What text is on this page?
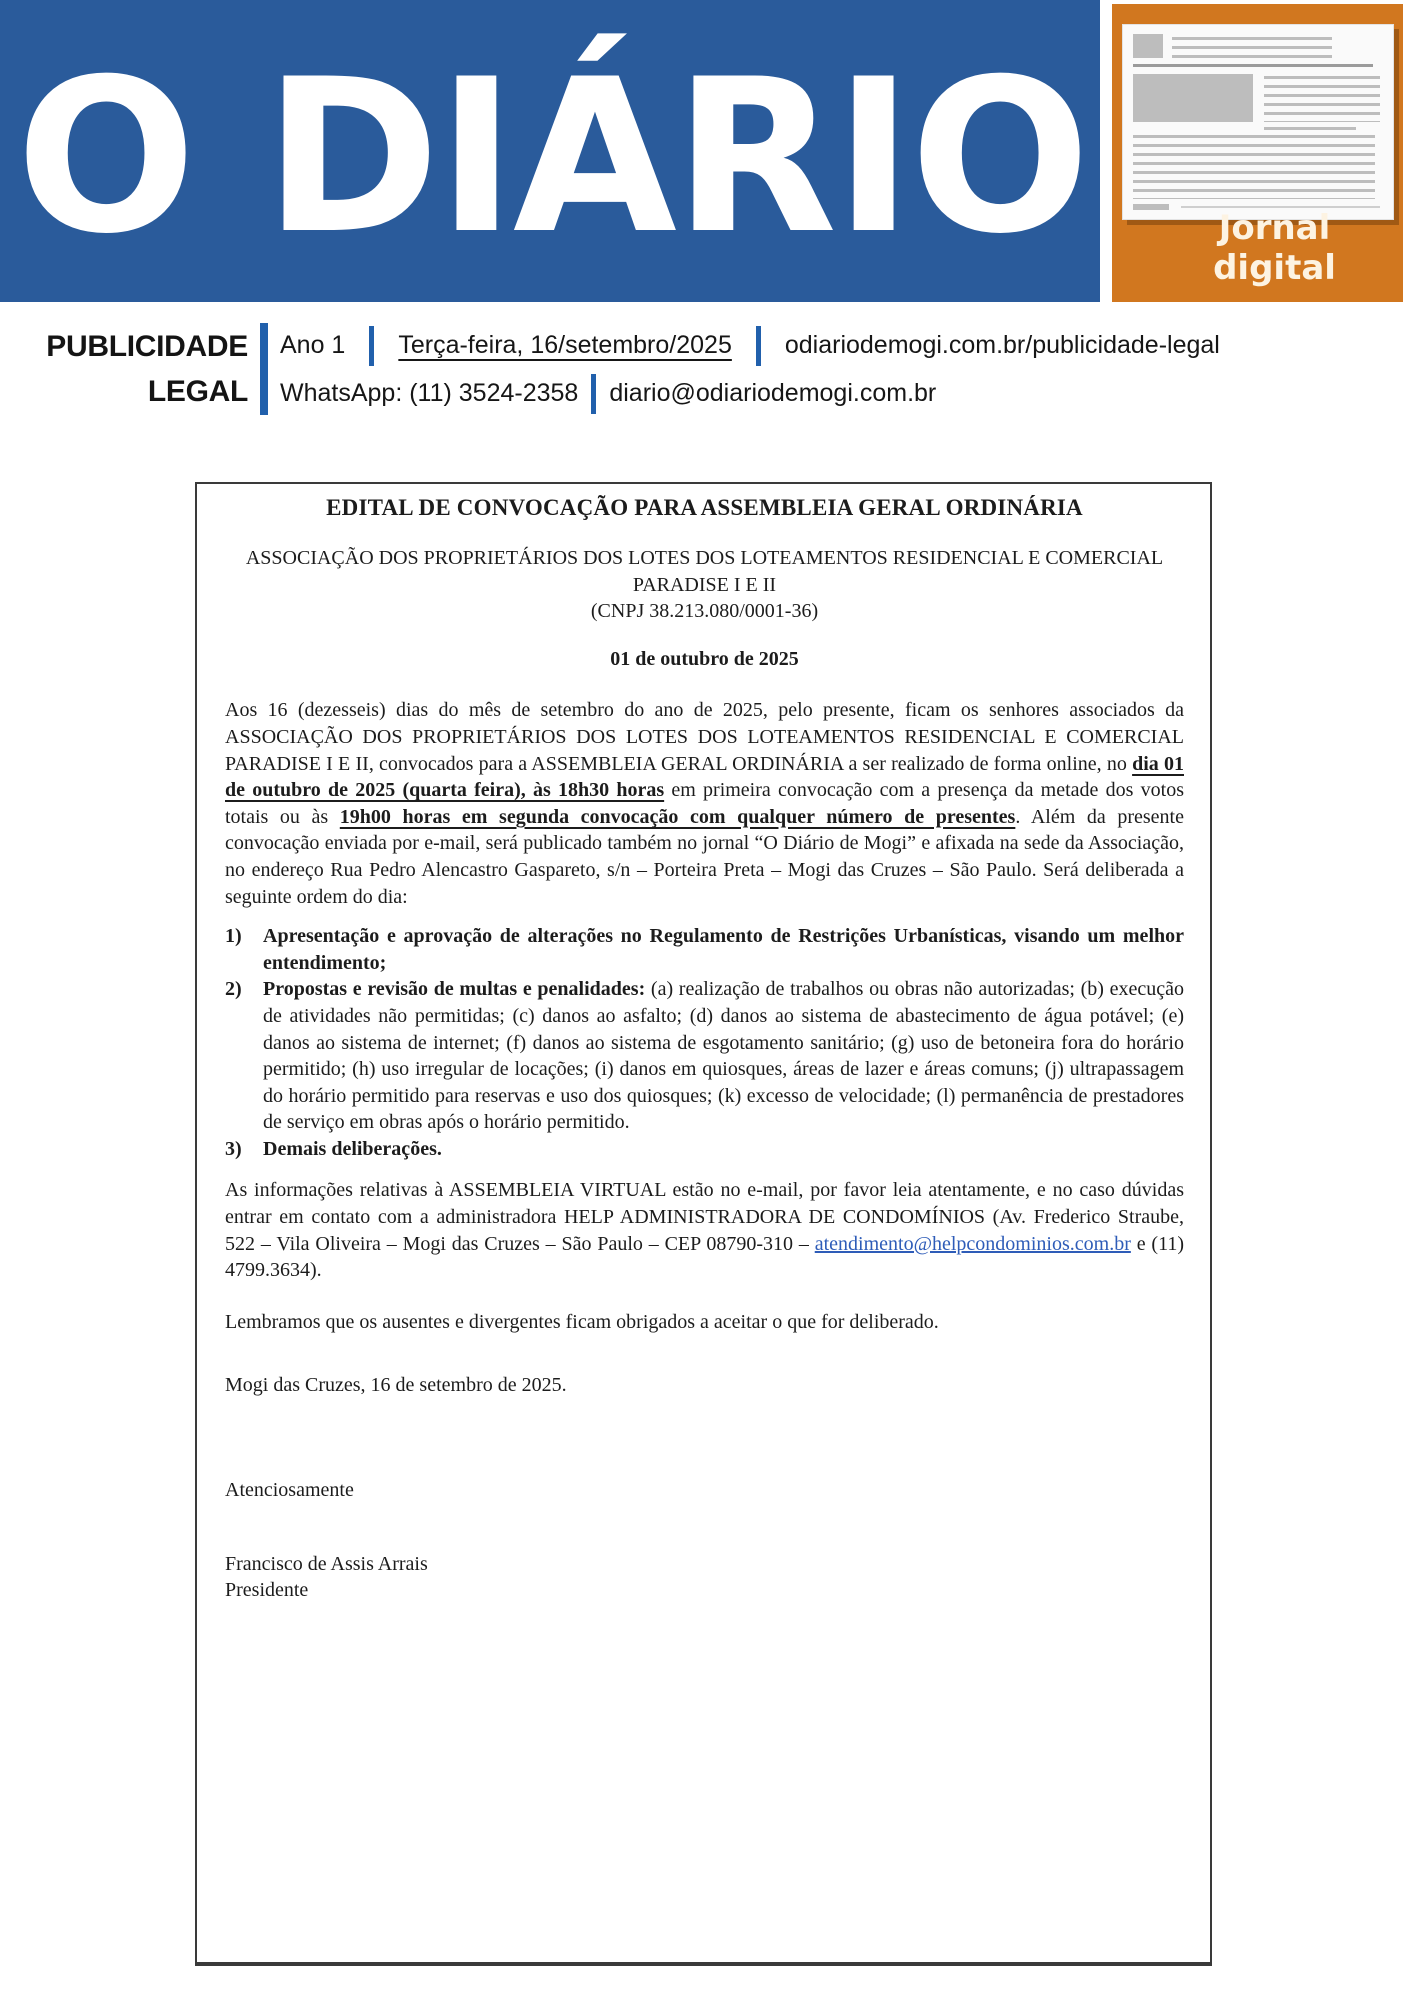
O DIÁRIO	Jornal digital
PUBLICIDADE
LEGAL
Ano 1 Terça-feira, 16/setembro/2025 odiariodemogi.com.br/publicidade-legal
WhatsApp: (11) 3524-2358 diario@odiariodemogi.com.br
EDITAL DE CONVOCAÇÃO PARA ASSEMBLEIA GERAL ORDINÁRIA

ASSOCIAÇÃO DOS PROPRIETÁRIOS DOS LOTES DOS LOTEAMENTOS RESIDENCIAL E COMERCIAL PARADISE I E II

(CNPJ 38.213.080/0001-36)

01 de outubro de 2025

Aos 16 (dezesseis) dias do mês de setembro do ano de 2025, pelo presente, ficam os senhores associados da ASSOCIAÇÃO DOS PROPRIETÁRIOS DOS LOTES DOS LOTEAMENTOS RESIDENCIAL E COMERCIAL PARADISE I E II, convocados para a ASSEMBLEIA GERAL ORDINÁRIA a ser realizado de forma online, no dia 01 de outubro de 2025 (quarta feira), às 18h30 horas em primeira convocação com a presença da metade dos votos totais ou às 19h00 horas em segunda convocação com qualquer número de presentes. Além da presente convocação enviada por e-mail, será publicado também no jornal “O Diário de Mogi” e afixada na sede da Associação, no endereço Rua Pedro Alencastro Gaspareto, s/n – Porteira Preta – Mogi das Cruzes – São Paulo. Será deliberada a seguinte ordem do dia:

1)	Apresentação e aprovação de alterações no Regulamento de Restrições Urbanísticas, visando um melhor entendimento;
2)	Propostas e revisão de multas e penalidades: (a) realização de trabalhos ou obras não autorizadas; (b) execução de atividades não permitidas; (c) danos ao asfalto; (d) danos ao sistema de abastecimento de água potável; (e) danos ao sistema de internet; (f) danos ao sistema de esgotamento sanitário; (g) uso de betoneira fora do horário permitido; (h) uso irregular de locações; (i) danos em quiosques, áreas de lazer e áreas comuns; (j) ultrapassagem do horário permitido para reservas e uso dos quiosques; (k) excesso de velocidade; (l) permanência de prestadores de serviço em obras após o horário permitido.
3)	Demais deliberações.

As informações relativas à ASSEMBLEIA VIRTUAL estão no e-mail, por favor leia atentamente, e no caso dúvidas entrar em contato com a administradora HELP ADMINISTRADORA DE CONDOMÍNIOS (Av. Frederico Straube, 522 – Vila Oliveira – Mogi das Cruzes – São Paulo – CEP 08790-310 – atendimento@helpcondominios.com.br e (11) 4799.3634).

Lembramos que os ausentes e divergentes ficam obrigados a aceitar o que for deliberado.

Mogi das Cruzes, 16 de setembro de 2025.

Atenciosamente

Francisco de Assis Arrais

Presidente
